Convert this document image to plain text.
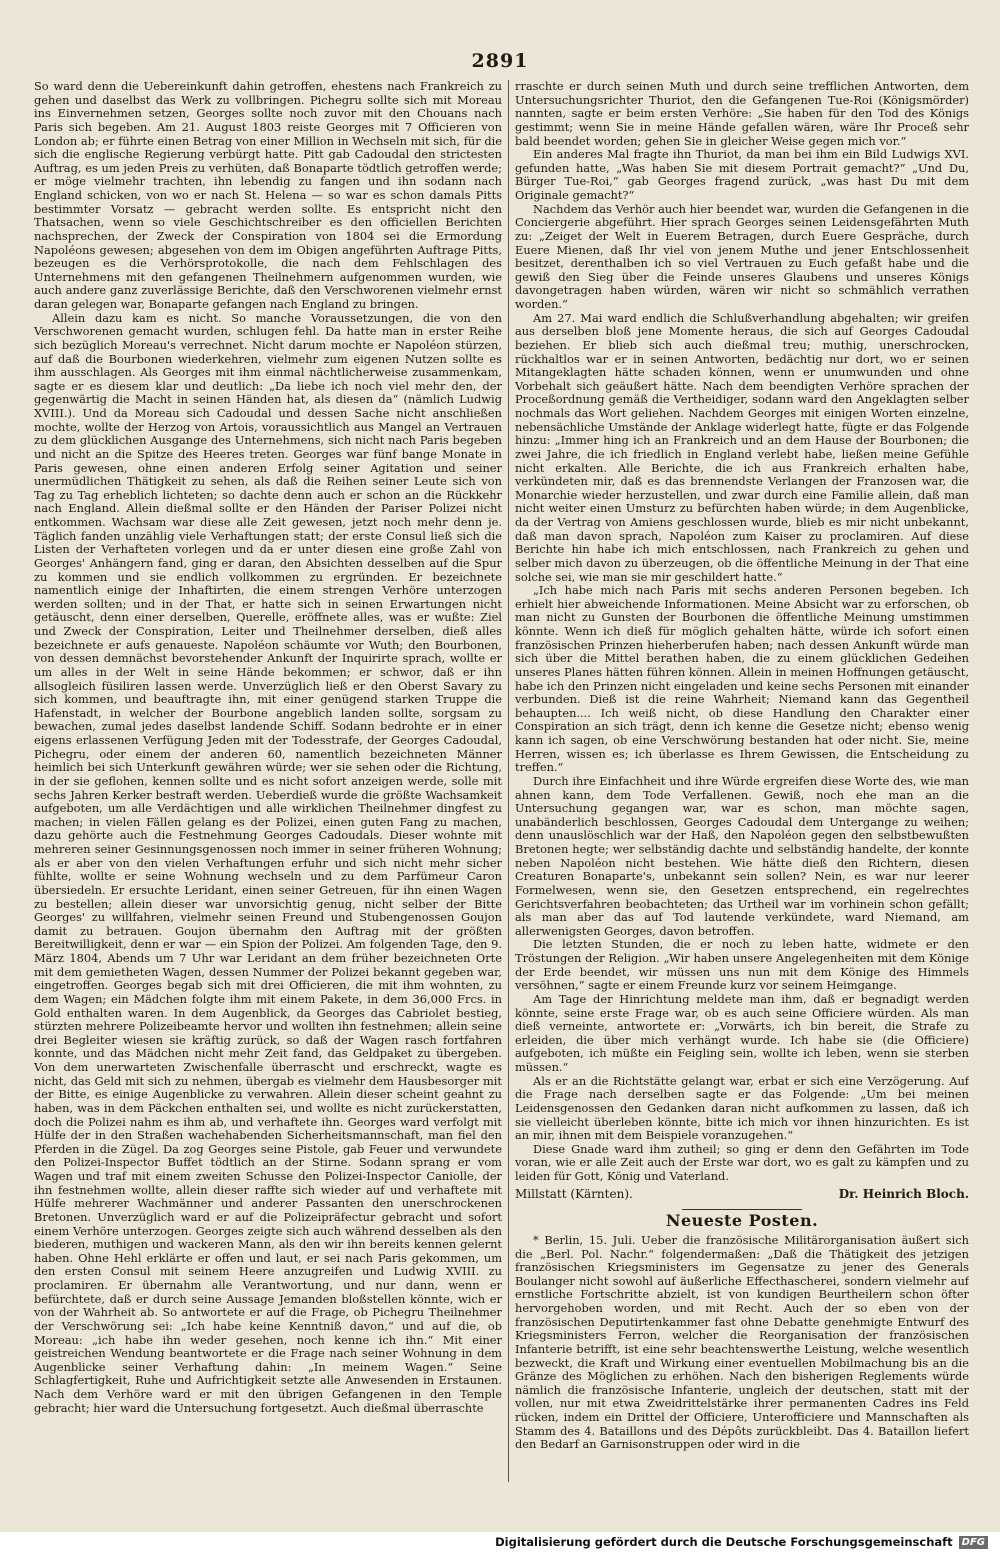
2891

So ward denn die Uebereinkunft dahin getroffen, ehestens nach Frankreich zu gehen und daselbst das Werk zu vollbringen. Pichegru sollte sich mit Moreau ins Einvernehmen setzen, Georges sollte noch zuvor mit den Chouans nach Paris sich begeben. Am 21. August 1803 reiste Georges mit 7 Officieren von London ab; er führte einen Betrag von einer Million in Wechseln mit sich, für die sich die englische Regierung verbürgt hatte. Pitt gab Cadoudal den strictesten Auftrag, es um jeden Preis zu verhüten, daß Bonaparte tödtlich getroffen werde; er möge vielmehr trachten, ihn lebendig zu fangen und ihn sodann nach England schicken, von wo er nach St. Helena — so war es schon damals Pitts bestimmter Vorsatz — gebracht werden sollte. Es entspricht nicht den Thatsachen, wenn so viele Geschichtschreiber es den officiellen Berichten nachsprechen, der Zweck der Conspiration von 1804 sei die Ermordung Napoléons gewesen; abgesehen von dem im Obigen angeführten Auftrage Pitts, bezeugen es die Verhörsprotokolle, die nach dem Fehlschlagen des Unternehmens mit den gefangenen Theilnehmern aufgenommen wurden, wie auch andere ganz zuverlässige Berichte, daß den Verschworenen vielmehr ernst daran gelegen war, Bonaparte gefangen nach England zu bringen.

Allein dazu kam es nicht. So manche Voraussetzungen, die von den Verschworenen gemacht wurden, schlugen fehl. Da hatte man in erster Reihe sich bezüglich Moreau's verrechnet. Nicht darum mochte er Napoléon stürzen, auf daß die Bourbonen wiederkehren, vielmehr zum eigenen Nutzen sollte es ihm ausschlagen. Als Georges mit ihm einmal nächtlicherweise zusammenkam, sagte er es diesem klar und deutlich: „Da liebe ich noch viel mehr den, der gegenwärtig die Macht in seinen Händen hat, als diesen da“ (nämlich Ludwig XVIII.). Und da Moreau sich Cadoudal und dessen Sache nicht anschließen mochte, wollte der Herzog von Artois, voraussichtlich aus Mangel an Vertrauen zu dem glücklichen Ausgange des Unternehmens, sich nicht nach Paris begeben und nicht an die Spitze des Heeres treten. Georges war fünf bange Monate in Paris gewesen, ohne einen anderen Erfolg seiner Agitation und seiner unermüdlichen Thätigkeit zu sehen, als daß die Reihen seiner Leute sich von Tag zu Tag erheblich lichteten; so dachte denn auch er schon an die Rückkehr nach England. Allein dießmal sollte er den Händen der Pariser Polizei nicht entkommen. Wachsam war diese alle Zeit gewesen, jetzt noch mehr denn je. Täglich fanden unzählig viele Verhaftungen statt; der erste Consul ließ sich die Listen der Verhafteten vorlegen und da er unter diesen eine große Zahl von Georges' Anhängern fand, ging er daran, den Absichten desselben auf die Spur zu kommen und sie endlich vollkommen zu ergründen. Er bezeichnete namentlich einige der Inhaftirten, die einem strengen Verhöre unterzogen werden sollten; und in der That, er hatte sich in seinen Erwartungen nicht getäuscht, denn einer derselben, Querelle, eröffnete alles, was er wußte: Ziel und Zweck der Conspiration, Leiter und Theilnehmer derselben, dieß alles bezeichnete er aufs genaueste. Napoléon schäumte vor Wuth; den Bourbonen, von dessen demnächst bevorstehender Ankunft der Inquirirte sprach, wollte er um alles in der Welt in seine Hände bekommen; er schwor, daß er ihn allsogleich füsiliren lassen werde. Unverzüglich ließ er den Oberst Savary zu sich kommen, und beauftragte ihn, mit einer genügend starken Truppe die Hafenstadt, in welcher der Bourbone angeblich landen sollte, sorgsam zu bewachen, zumal jedes daselbst landende Schiff. Sodann bedrohte er in einer eigens erlassenen Verfügung Jeden mit der Todesstrafe, der Georges Cadoudal, Pichegru, oder einem der anderen 60, namentlich bezeichneten Männer heimlich bei sich Unterkunft gewähren würde; wer sie sehen oder die Richtung, in der sie geflohen, kennen sollte und es nicht sofort anzeigen werde, solle mit sechs Jahren Kerker bestraft werden. Ueberdieß wurde die größte Wachsamkeit aufgeboten, um alle Verdächtigen und alle wirklichen Theilnehmer dingfest zu machen; in vielen Fällen gelang es der Polizei, einen guten Fang zu machen, dazu gehörte auch die Festnehmung Georges Cadoudals. Dieser wohnte mit mehreren seiner Gesinnungsgenossen noch immer in seiner früheren Wohnung; als er aber von den vielen Verhaftungen erfuhr und sich nicht mehr sicher fühlte, wollte er seine Wohnung wechseln und zu dem Parfümeur Caron übersiedeln. Er ersuchte Leridant, einen seiner Getreuen, für ihn einen Wagen zu bestellen; allein dieser war unvorsichtig genug, nicht selber der Bitte Georges' zu willfahren, vielmehr seinen Freund und Stubengenossen Goujon damit zu betrauen. Goujon übernahm den Auftrag mit der größten Bereitwilligkeit, denn er war — ein Spion der Polizei. Am folgenden Tage, den 9. März 1804, Abends um 7 Uhr war Leridant an dem früher bezeichneten Orte mit dem gemietheten Wagen, dessen Nummer der Polizei bekannt gegeben war, eingetroffen. Georges begab sich mit drei Officieren, die mit ihm wohnten, zu dem Wagen; ein Mädchen folgte ihm mit einem Pakete, in dem 36,000 Frcs. in Gold enthalten waren. In dem Augenblick, da Georges das Cabriolet bestieg, stürzten mehrere Polizeibeamte hervor und wollten ihn festnehmen; allein seine drei Begleiter wiesen sie kräftig zurück, so daß der Wagen rasch fortfahren konnte, und das Mädchen nicht mehr Zeit fand, das Geldpaket zu übergeben. Von dem unerwarteten Zwischenfalle überrascht und erschreckt, wagte es nicht, das Geld mit sich zu nehmen, übergab es vielmehr dem Hausbesorger mit der Bitte, es einige Augenblicke zu verwahren. Allein dieser scheint geahnt zu haben, was in dem Päckchen enthalten sei, und wollte es nicht zurückerstatten, doch die Polizei nahm es ihm ab, und verhaftete ihn. Georges ward verfolgt mit Hülfe der in den Straßen wachehabenden Sicherheitsmannschaft, man fiel den Pferden in die Zügel. Da zog Georges seine Pistole, gab Feuer und verwundete den Polizei-Inspector Buffet tödtlich an der Stirne. Sodann sprang er vom Wagen und traf mit einem zweiten Schusse den Polizei-Inspector Caniolle, der ihn festnehmen wollte, allein dieser raffte sich wieder auf und verhaftete mit Hülfe mehrerer Wachmänner und anderer Passanten den unerschrockenen Bretonen. Unverzüglich ward er auf die Polizeipräfectur gebracht und sofort einem Verhöre unterzogen. Georges zeigte sich auch während desselben als den biederen, muthigen und wackeren Mann, als den wir ihn bereits kennen gelernt haben. Ohne Hehl erklärte er offen und laut, er sei nach Paris gekommen, um den ersten Consul mit seinem Heere anzugreifen und Ludwig XVIII. zu proclamiren. Er übernahm alle Verantwortung, und nur dann, wenn er befürchtete, daß er durch seine Aussage Jemanden bloßstellen könnte, wich er von der Wahrheit ab. So antwortete er auf die Frage, ob Pichegru Theilnehmer der Verschwörung sei: „Ich habe keine Kenntniß davon,“ und auf die, ob Moreau: „ich habe ihn weder gesehen, noch kenne ich ihn.“ Mit einer geistreichen Wendung beantwortete er die Frage nach seiner Wohnung in dem Augenblicke seiner Verhaftung dahin: „In meinem Wagen.“ Seine Schlagfertigkeit, Ruhe und Aufrichtigkeit setzte alle Anwesenden in Erstaunen. Nach dem Verhöre ward er mit den übrigen Gefangenen in den Temple gebracht; hier ward die Untersuchung fortgesetzt. Auch dießmal überraschte

rraschte er durch seinen Muth und durch seine trefflichen Antworten, dem Untersuchungsrichter Thuriot, den die Gefangenen Tue-Roi (Königsmörder) nannten, sagte er beim ersten Verhöre: „Sie haben für den Tod des Königs gestimmt; wenn Sie in meine Hände gefallen wären, wäre Ihr Proceß sehr bald beendet worden; gehen Sie in gleicher Weise gegen mich vor.“

Ein anderes Mal fragte ihn Thuriot, da man bei ihm ein Bild Ludwigs XVI. gefunden hatte, „Was haben Sie mit diesem Portrait gemacht?“ „Und Du, Bürger Tue-Roi,“ gab Georges fragend zurück, „was hast Du mit dem Originale gemacht?“

Nachdem das Verhör auch hier beendet war, wurden die Gefangenen in die Conciergerie abgeführt. Hier sprach Georges seinen Leidensgefährten Muth zu: „Zeiget der Welt in Euerem Betragen, durch Euere Gespräche, durch Euere Mienen, daß Ihr viel von jenem Muthe und jener Entschlossenheit besitzet, derenthalben ich so viel Vertrauen zu Euch gefaßt habe und die gewiß den Sieg über die Feinde unseres Glaubens und unseres Königs davongetragen haben würden, wären wir nicht so schmählich verrathen worden.“

Am 27. Mai ward endlich die Schlußverhandlung abgehalten; wir greifen aus derselben bloß jene Momente heraus, die sich auf Georges Cadoudal beziehen. Er blieb sich auch dießmal treu; muthig, unerschrocken, rückhaltlos war er in seinen Antworten, bedächtig nur dort, wo er seinen Mitangeklagten hätte schaden können, wenn er unumwunden und ohne Vorbehalt sich geäußert hätte. Nach dem beendigten Verhöre sprachen der Proceßordnung gemäß die Vertheidiger, sodann ward den Angeklagten selber nochmals das Wort geliehen. Nachdem Georges mit einigen Worten einzelne, nebensächliche Umstände der Anklage widerlegt hatte, fügte er das Folgende hinzu: „Immer hing ich an Frankreich und an dem Hause der Bourbonen; die zwei Jahre, die ich friedlich in England verlebt habe, ließen meine Gefühle nicht erkalten. Alle Berichte, die ich aus Frankreich erhalten habe, verkündeten mir, daß es das brennendste Verlangen der Franzosen war, die Monarchie wieder herzustellen, und zwar durch eine Familie allein, daß man nicht weiter einen Umsturz zu befürchten haben würde; in dem Augenblicke, da der Vertrag von Amiens geschlossen wurde, blieb es mir nicht unbekannt, daß man davon sprach, Napoléon zum Kaiser zu proclamiren. Auf diese Berichte hin habe ich mich entschlossen, nach Frankreich zu gehen und selber mich davon zu überzeugen, ob die öffentliche Meinung in der That eine solche sei, wie man sie mir geschildert hatte.“

„Ich habe mich nach Paris mit sechs anderen Personen begeben. Ich erhielt hier abweichende Informationen. Meine Absicht war zu erforschen, ob man nicht zu Gunsten der Bourbonen die öffentliche Meinung umstimmen könnte. Wenn ich dieß für möglich gehalten hätte, würde ich sofort einen französischen Prinzen hieherberufen haben; nach dessen Ankunft würde man sich über die Mittel berathen haben, die zu einem glücklichen Gedeihen unseres Planes hätten führen können. Allein in meinen Hoffnungen getäuscht, habe ich den Prinzen nicht eingeladen und keine sechs Personen mit einander verbunden. Dieß ist die reine Wahrheit; Niemand kann das Gegentheil behaupten.... Ich weiß nicht, ob diese Handlung den Charakter einer Conspiration an sich trägt, denn ich kenne die Gesetze nicht; ebenso wenig kann ich sagen, ob eine Verschwörung bestanden hat oder nicht. Sie, meine Herren, wissen es; ich überlasse es Ihrem Gewissen, die Entscheidung zu treffen.“

Durch ihre Einfachheit und ihre Würde ergreifen diese Worte des, wie man ahnen kann, dem Tode Verfallenen. Gewiß, noch ehe man an die Untersuchung gegangen war, war es schon, man möchte sagen, unabänderlich beschlossen, Georges Cadoudal dem Untergange zu weihen; denn unauslöschlich war der Haß, den Napoléon gegen den selbstbewußten Bretonen hegte; wer selbständig dachte und selbständig handelte, der konnte neben Napoléon nicht bestehen. Wie hätte dieß den Richtern, diesen Creaturen Bonaparte's, unbekannt sein sollen? Nein, es war nur leerer Formelwesen, wenn sie, den Gesetzen entsprechend, ein regelrechtes Gerichtsverfahren beobachteten; das Urtheil war im vorhinein schon gefällt; als man aber das auf Tod lautende verkündete, ward Niemand, am allerwenigsten Georges, davon betroffen.

Die letzten Stunden, die er noch zu leben hatte, widmete er den Tröstungen der Religion. „Wir haben unsere Angelegenheiten mit dem Könige der Erde beendet, wir müssen uns nun mit dem Könige des Himmels versöhnen,“ sagte er einem Freunde kurz vor seinem Heimgange.

Am Tage der Hinrichtung meldete man ihm, daß er begnadigt werden könnte, seine erste Frage war, ob es auch seine Officiere würden. Als man dieß verneinte, antwortete er: „Vorwärts, ich bin bereit, die Strafe zu erleiden, die über mich verhängt wurde. Ich habe sie (die Officiere) aufgeboten, ich müßte ein Feigling sein, wollte ich leben, wenn sie sterben müssen.“

Als er an die Richtstätte gelangt war, erbat er sich eine Verzögerung. Auf die Frage nach derselben sagte er das Folgende: „Um bei meinen Leidensgenossen den Gedanken daran nicht aufkommen zu lassen, daß ich sie vielleicht überleben könnte, bitte ich mich vor ihnen hinzurichten. Es ist an mir, ihnen mit dem Beispiele voranzugehen.“

Diese Gnade ward ihm zutheil; so ging er denn den Gefährten im Tode voran, wie er alle Zeit auch der Erste war dort, wo es galt zu kämpfen und zu leiden für Gott, König und Vaterland.

Millstatt (Kärnten).	Dr. Heinrich Bloch.
Neueste Posten.

* Berlin, 15. Juli. Ueber die französische Militärorganisation äußert sich die „Berl. Pol. Nachr.“ folgendermaßen: „Daß die Thätigkeit des jetzigen französischen Kriegsministers im Gegensatze zu jener des Generals Boulanger nicht sowohl auf äußerliche Effecthascherei, sondern vielmehr auf ernstliche Fortschritte abzielt, ist von kundigen Beurtheilern schon öfter hervorgehoben worden, und mit Recht. Auch der so eben von der französischen Deputirtenkammer fast ohne Debatte genehmigte Entwurf des Kriegsministers Ferron, welcher die Reorganisation der französischen Infanterie betrifft, ist eine sehr beachtenswerthe Leistung, welche wesentlich bezweckt, die Kraft und Wirkung einer eventuellen Mobilmachung bis an die Gränze des Möglichen zu erhöhen. Nach den bisherigen Reglements würde nämlich die französische Infanterie, ungleich der deutschen, statt mit der vollen, nur mit etwa Zweidrittelstärke ihrer permanenten Cadres ins Feld rücken, indem ein Drittel der Officiere, Unterofficiere und Mannschaften als Stamm des 4. Bataillons und des Dépôts zurückbleibt. Das 4. Bataillon liefert den Bedarf an Garnisonstruppen oder wird in die

Digitalisierung gefördert durch die Deutsche Forschungsgemeinschaft DFG
